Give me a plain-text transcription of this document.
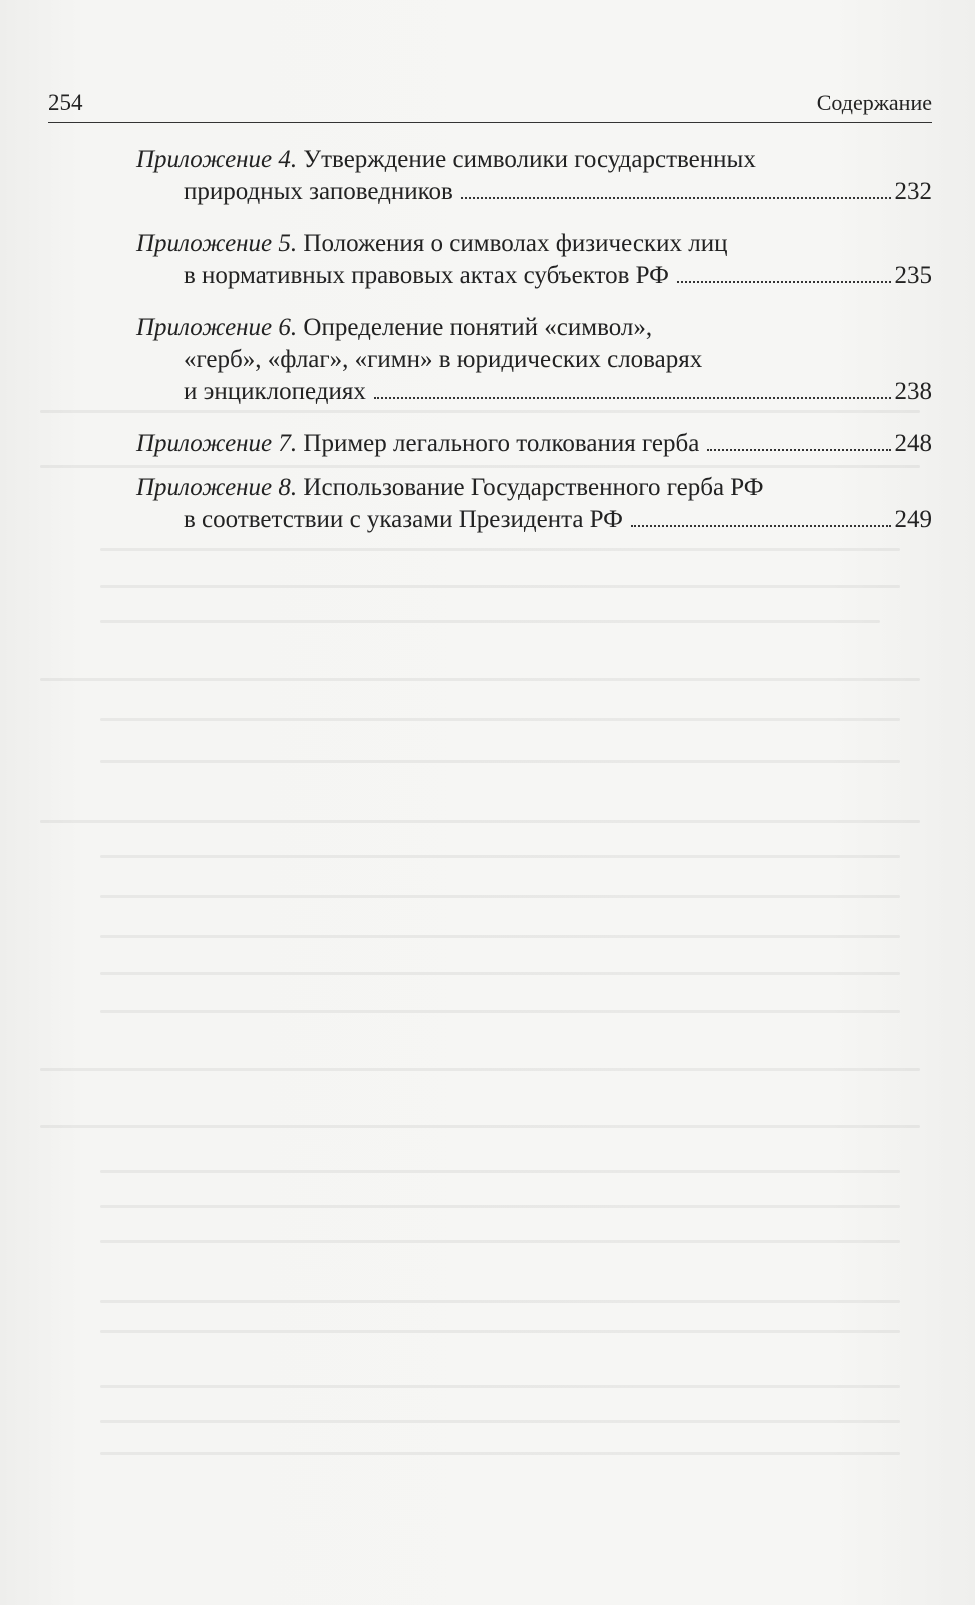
254	Содержание
Приложение 4. Утверждение символики государственных
природных заповедников	232
Приложение 5. Положения о символах физических лиц
в нормативных правовых актах субъектов РФ	235
Приложение 6. Определение понятий «символ»,
«герб», «флаг», «гимн» в юридических словарях
и энциклопедиях	238
Приложение 7. Пример легального толкования герба	248
Приложение 8. Использование Государственного герба РФ
в соответствии с указами Президента РФ	249
